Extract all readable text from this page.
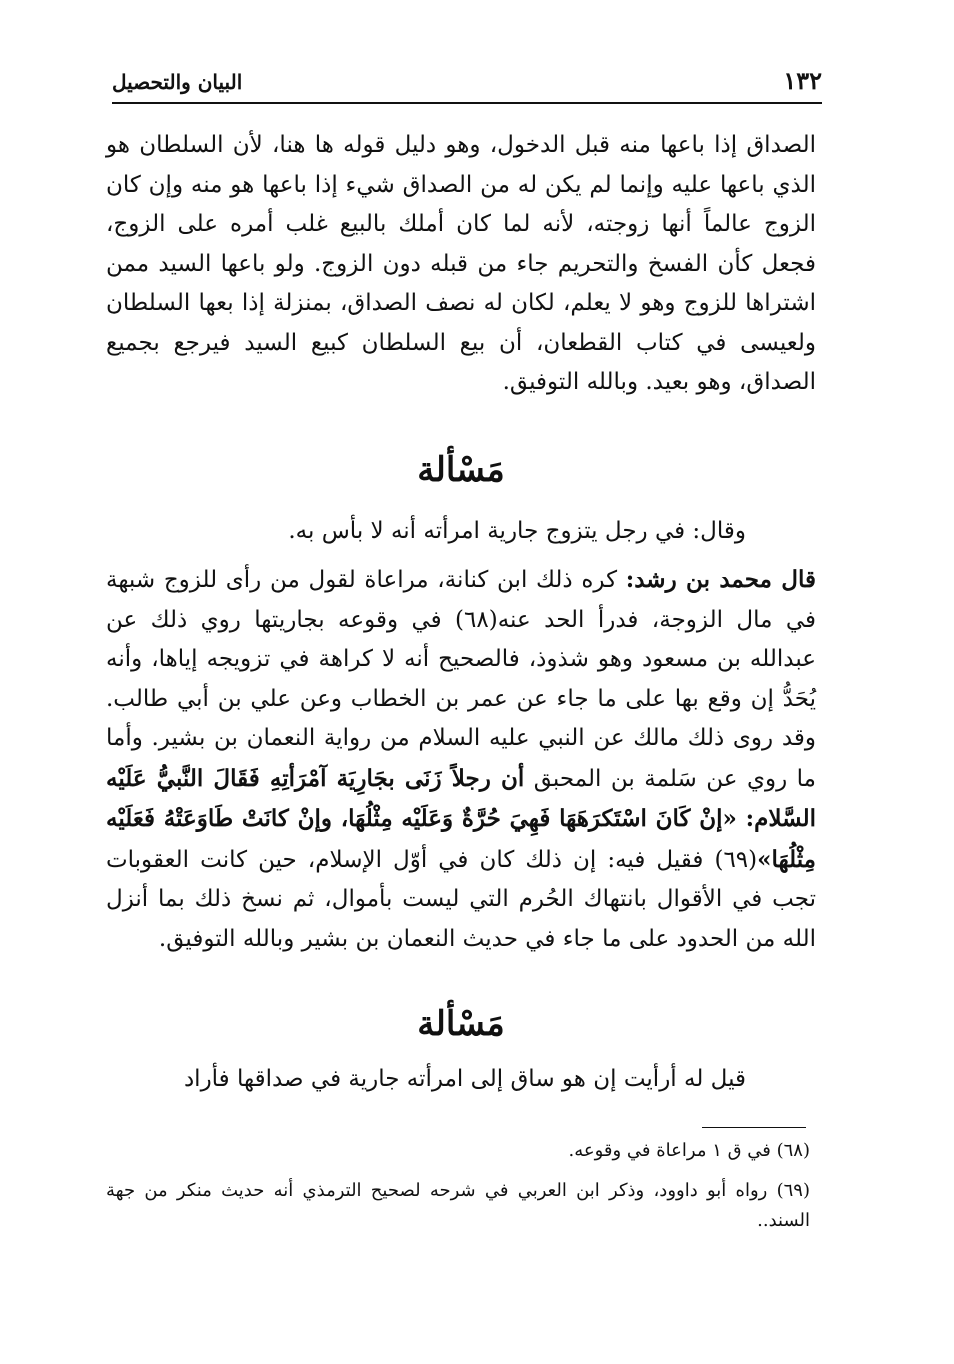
١٣٢
البيان والتحصيل

الصداق إذا باعها منه قبل الدخول، وهو دليل قوله ها هنا، لأن السلطان هو الذي باعها عليه وإنما لم يكن له من الصداق شيء إذا باعها هو منه وإن كان الزوج عالماً أنها زوجته، لأنه لما كان أملك بالبيع غلب أمره على الزوج، فجعل كأن الفسخ والتحريم جاء من قبله دون الزوج. ولو باعها السيد ممن اشتراها للزوج وهو لا يعلم، لكان له نصف الصداق، بمنزلة إذا بعها السلطان ولعيسى في كتاب القطعان، أن بيع السلطان كبيع السيد فيرجع بجميع الصداق، وهو بعيد. وبالله التوفيق.

مَسْألة

وقال: في رجل يتزوج جارية امرأته أنه لا بأس به.

قال محمد بن رشد: كره ذلك ابن كنانة، مراعاة لقول من رأى للزوج شبهة في مال الزوجة، فدرأ الحد عنه(٦٨) في وقوعه بجاريتها روي ذلك عن عبدالله بن مسعود وهو شذوذ، فالصحيح أنه لا كراهة في تزويجه إياها، وأنه يُحَدُّ إن وقع بها على ما جاء عن عمر بن الخطاب وعن علي بن أبي طالب. وقد روى ذلك مالك عن النبي عليه السلام من رواية النعمان بن بشير. وأما ما روي عن سَلمة بن المحبق أن رجلاً زَنَى بجَارِيَة آمْرَأتِهِ فَقَالَ النَّبيُّ عَلَيْه السَّلام: «إنْ كَانَ اسْتَكرَهَهَا فَهِيَ حُرَّةٌ وَعَلَيْه مِثْلُهَا، وإنْ كانَتْ طَاوَعَتْهُ فَعَلَيْه مِثْلُهَا»(٦٩) فقيل فيه: إن ذلك كان في أوّل الإسلام، حين كانت العقوبات تجب في الأقوال بانتهاك الحُرم التي ليست بأموال، ثم نسخ ذلك بما أنزل الله من الحدود على ما جاء في حديث النعمان بن بشير وبالله التوفيق.

مَسْألة

قيل له أرأيت إن هو ساق إلى امرأته جارية في صداقها فأراد

(٦٨) في ق ١ مراعاة في وقوعه.

(٦٩) رواه أبو داوود، وذكر ابن العربي في شرحه لصحيح الترمذي أنه حديث منكر من جهة السند..
